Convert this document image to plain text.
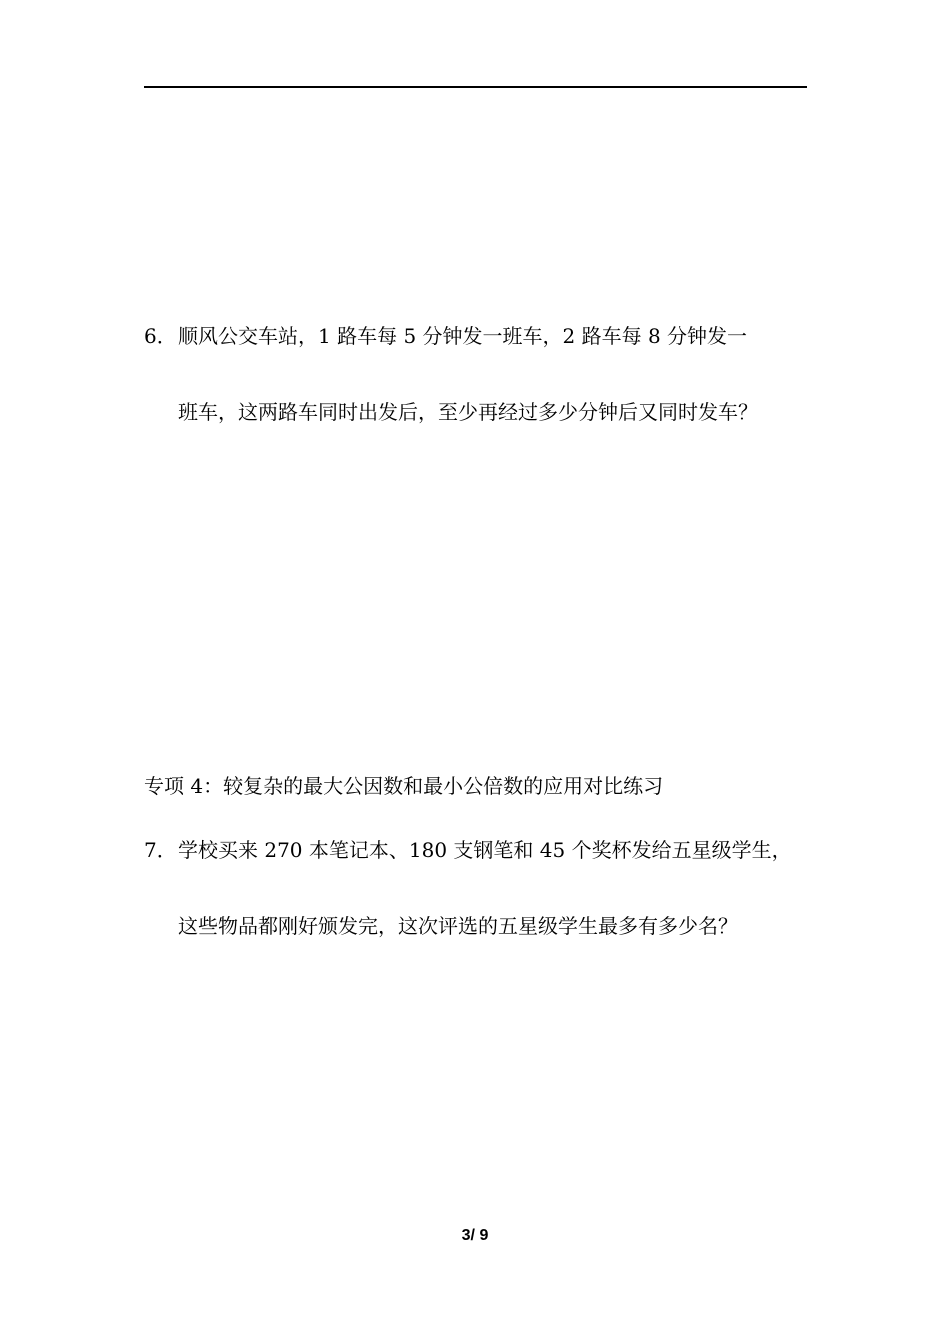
6． 顺风公交车站，1 路车每 5 分钟发一班车，2 路车每 8 分钟发一
班车，这两路车同时出发后，至少再经过多少分钟后又同时发车？
专项 4：较复杂的最大公因数和最小公倍数的应用对比练习
7． 学校买来 270 本笔记本、180 支钢笔和 45 个奖杯发给五星级学生，
这些物品都刚好颁发完，这次评选的五星级学生最多有多少名？
3/ 9
